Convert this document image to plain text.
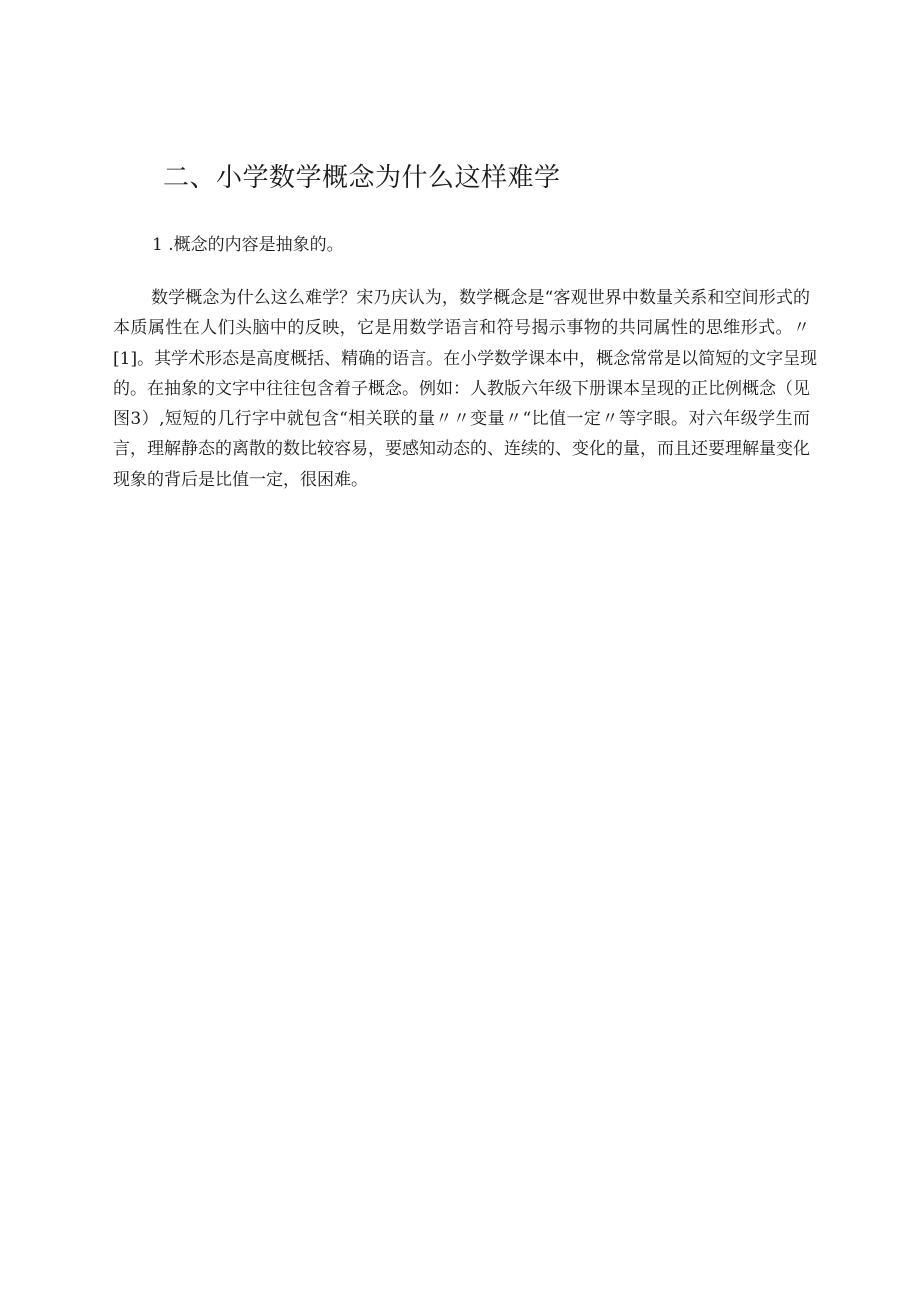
二、小学数学概念为什么这样难学

1 .概念的内容是抽象的。

数学概念为什么这么难学？宋乃庆认为，数学概念是“客观世界中数量关系和空间形式的
本质属性在人们头脑中的反映，它是用数学语言和符号揭示事物的共同属性的思维形式。〃
[1]。其学术形态是高度概括、精确的语言。在小学数学课本中，概念常常是以简短的文字呈现
的。在抽象的文字中往往包含着子概念。例如：人教版六年级下册课本呈现的正比例概念（见
图3）,短短的几行字中就包含“相关联的量〃〃变量〃“比值一定〃等字眼。对六年级学生而
言，理解静态的离散的数比较容易，要感知动态的、连续的、变化的量，而且还要理解量变化
现象的背后是比值一定，很困难。
